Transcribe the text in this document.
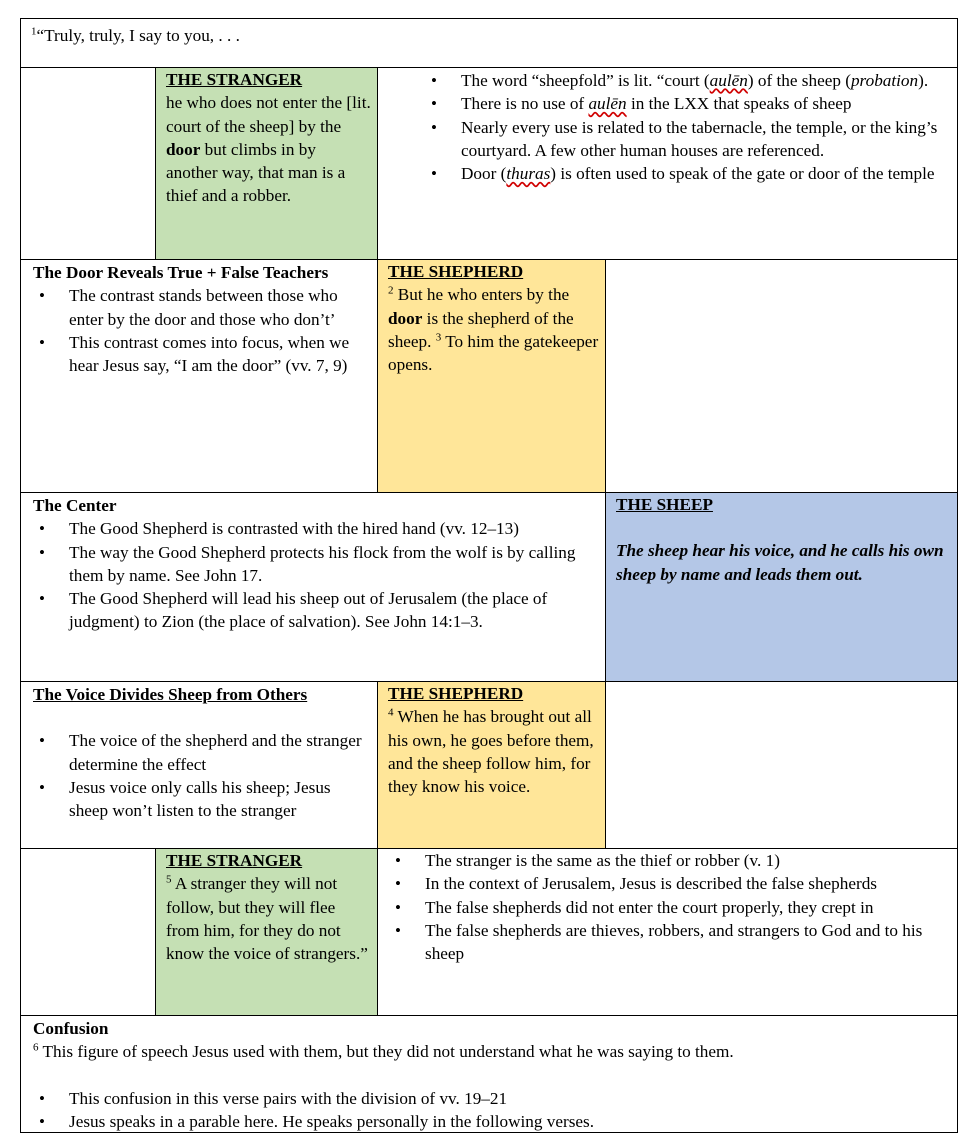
$^1$“Truly, truly, I say to you, . . .
THE STRANGER
he who does not enter the [lit. court of the sheep] by the door but climbs in by another way, that man is a thief and a robber.
• The word “sheepfold” is lit. “court (aulēn) of the sheep (probation).
• There is no use of aulēn in the LXX that speaks of sheep
• Nearly every use is related to the tabernacle, the temple, or the king’s courtyard. A few other human houses are referenced.
• Door (thuras) is often used to speak of the gate or door of the temple
The Door Reveals True + False Teachers
• The contrast stands between those who enter by the door and those who don’t’
• This contrast comes into focus, when we hear Jesus say, “I am the door” (vv. 7, 9)
THE SHEPHERD
$^2$ But he who enters by the door is the shepherd of the sheep. $^3$ To him the gatekeeper opens.
The Center
• The Good Shepherd is contrasted with the hired hand (vv. 12–13)
• The way the Good Shepherd protects his flock from the wolf is by calling them by name. See John 17.
• The Good Shepherd will lead his sheep out of Jerusalem (the place of judgment) to Zion (the place of salvation). See John 14:1–3.
THE SHEEP
The sheep hear his voice, and he calls his own sheep by name and leads them out.
The Voice Divides Sheep from Others
• The voice of the shepherd and the stranger determine the effect
• Jesus voice only calls his sheep; Jesus sheep won’t listen to the stranger
THE SHEPHERD
$^4$ When he has brought out all his own, he goes before them, and the sheep follow him, for they know his voice.
THE STRANGER
$^5$ A stranger they will not follow, but they will flee from him, for they do not know the voice of strangers.”
• The stranger is the same as the thief or robber (v. 1)
• In the context of Jerusalem, Jesus is described the false shepherds
• The false shepherds did not enter the court properly, they crept in
• The false shepherds are thieves, robbers, and strangers to God and to his sheep
Confusion
$^6$ This figure of speech Jesus used with them, but they did not understand what he was saying to them.
• This confusion in this verse pairs with the division of vv. 19–21
• Jesus speaks in a parable here. He speaks personally in the following verses.
